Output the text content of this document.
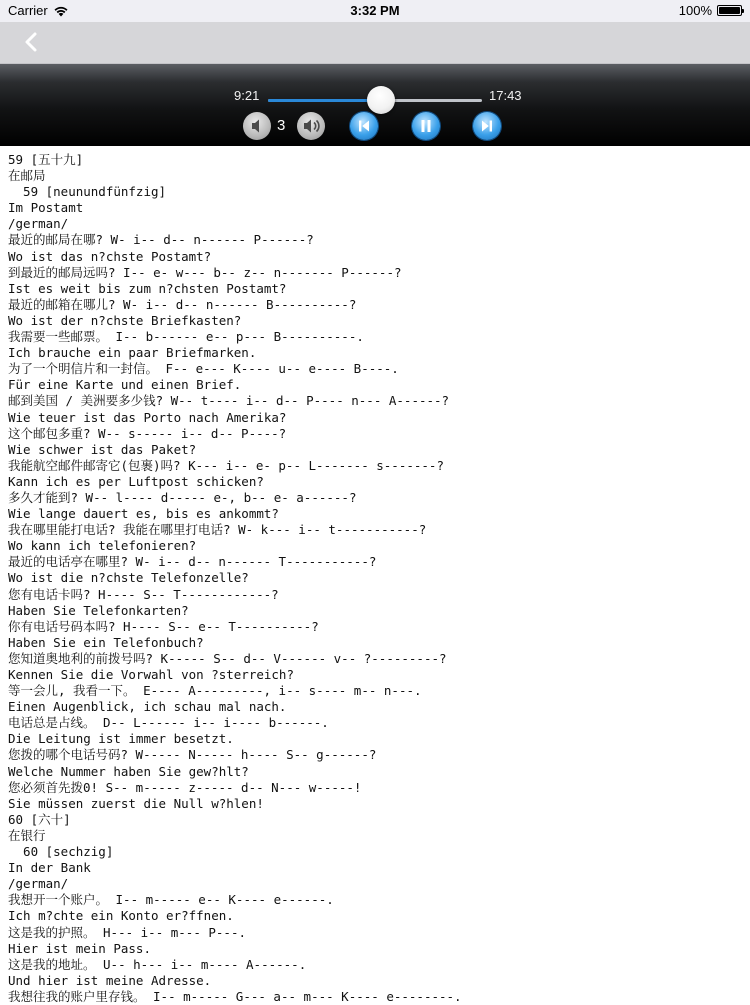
Carrier	3:32 PM	100%
9:21	17:43
3
59 [五十九]
在邮局
59 [neunundfünfzig]
Im Postamt
/german/
最近的邮局在哪? W- i-- d-- n------ P------?
Wo ist das n?chste Postamt?
到最近的邮局远吗? I-- e- w--- b-- z-- n------- P------?
Ist es weit bis zum n?chsten Postamt?
最近的邮箱在哪儿? W- i-- d-- n------ B----------?
Wo ist der n?chste Briefkasten?
我需要一些邮票。 I-- b------ e-- p--- B----------.
Ich brauche ein paar Briefmarken.
为了一个明信片和一封信。 F-- e--- K---- u-- e---- B----.
Für eine Karte und einen Brief.
邮到美国 / 美洲要多少钱? W-- t---- i-- d-- P---- n--- A------?
Wie teuer ist das Porto nach Amerika?
这个邮包多重? W-- s----- i-- d-- P----?
Wie schwer ist das Paket?
我能航空邮件邮寄它(包裹)吗? K--- i-- e- p-- L------- s-------?
Kann ich es per Luftpost schicken?
多久才能到? W-- l---- d----- e-, b-- e- a------?
Wie lange dauert es, bis es ankommt?
我在哪里能打电话? 我能在哪里打电话? W- k--- i-- t-----------?
Wo kann ich telefonieren?
最近的电话亭在哪里? W- i-- d-- n------ T-----------?
Wo ist die n?chste Telefonzelle?
您有电话卡吗? H---- S-- T------------?
Haben Sie Telefonkarten?
你有电话号码本吗? H---- S-- e-- T----------?
Haben Sie ein Telefonbuch?
您知道奥地利的前拨号吗? K----- S-- d-- V------ v-- ?---------?
Kennen Sie die Vorwahl von ?sterreich?
等一会儿, 我看一下。 E---- A---------, i-- s---- m-- n---.
Einen Augenblick, ich schau mal nach.
电话总是占线。 D-- L------ i-- i---- b------.
Die Leitung ist immer besetzt.
您拨的哪个电话号码? W----- N----- h---- S-- g------?
Welche Nummer haben Sie gew?hlt?
您必须首先拨0! S-- m----- z----- d-- N--- w-----!
Sie müssen zuerst die Null w?hlen!
60 [六十]
在银行
60 [sechzig]
In der Bank
/german/
我想开一个账户。 I-- m----- e-- K---- e------.
Ich m?chte ein Konto er?ffnen.
这是我的护照。 H--- i-- m--- P---.
Hier ist mein Pass.
这是我的地址。 U-- h--- i-- m---- A------.
Und hier ist meine Adresse.
我想往我的账户里存钱。 I-- m----- G--- a-- m--- K---- e--------.
